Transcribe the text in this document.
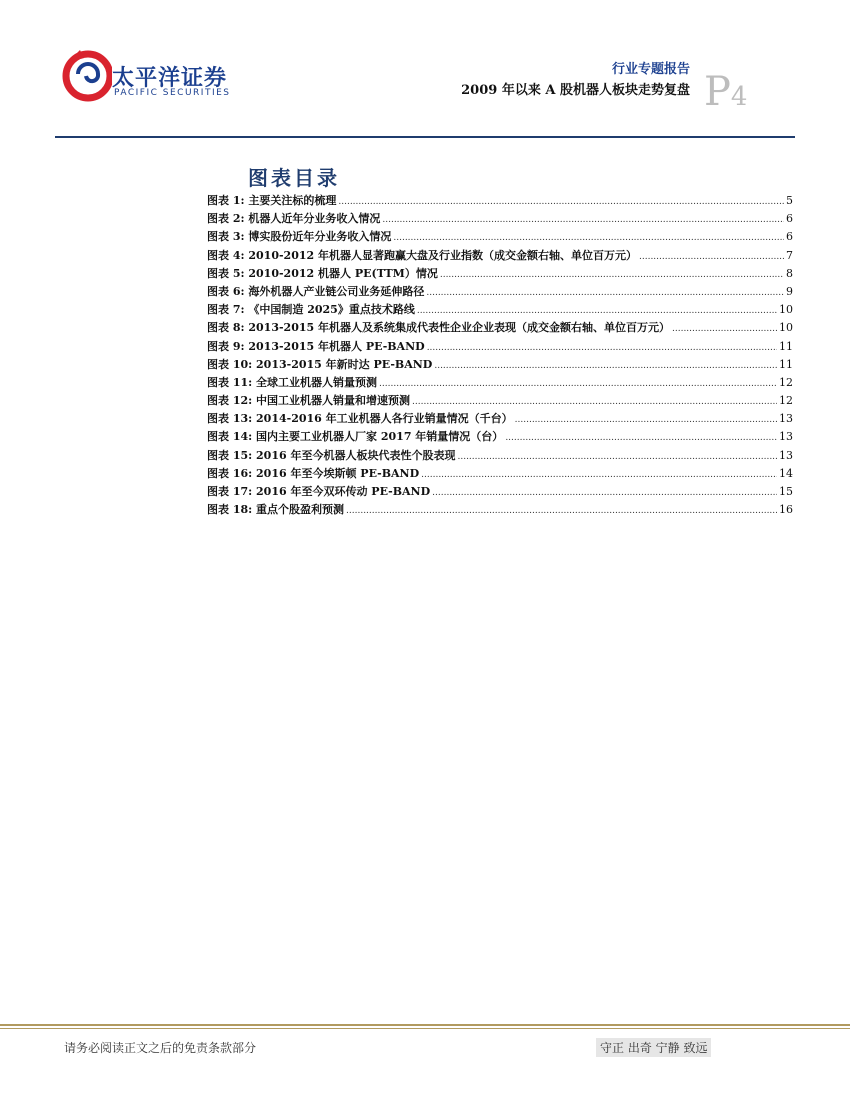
太平洋证券
PACIFIC SECURITIES
行业专题报告
2009 年以来 A 股机器人板块走势复盘 P4
图表目录
图表 1: 主要关注标的梳理 .....	5
图表 2: 机器人近年分业务收入情况 .....	6
图表 3: 博实股份近年分业务收入情况 .....	6
图表 4: 2010-2012 年机器人显著跑赢大盘及行业指数（成交金额右轴、单位百万元） .....	7
图表 5: 2010-2012 机器人 PE(TTM）情况 .....	8
图表 6: 海外机器人产业链公司业务延伸路径 .....	9
图表 7: 《中国制造 2025》重点技术路线 .....	10
图表 8: 2013-2015 年机器人及系统集成代表性企业企业表现（成交金额右轴、单位百万元） .....	10
图表 9: 2013-2015 年机器人 PE-BAND .....	11
图表 10: 2013-2015 年新时达 PE-BAND .....	11
图表 11: 全球工业机器人销量预测 .....	12
图表 12: 中国工业机器人销量和增速预测 .....	12
图表 13: 2014-2016 年工业机器人各行业销量情况（千台） .....	13
图表 14: 国内主要工业机器人厂家 2017 年销量情况（台） .....	13
图表 15: 2016 年至今机器人板块代表性个股表现 .....	13
图表 16: 2016 年至今埃斯顿 PE-BAND .....	14
图表 17: 2016 年至今双环传动 PE-BAND .....	15
图表 18: 重点个股盈利预测 .....	16
请务必阅读正文之后的免责条款部分	守正 出奇 宁静 致远
